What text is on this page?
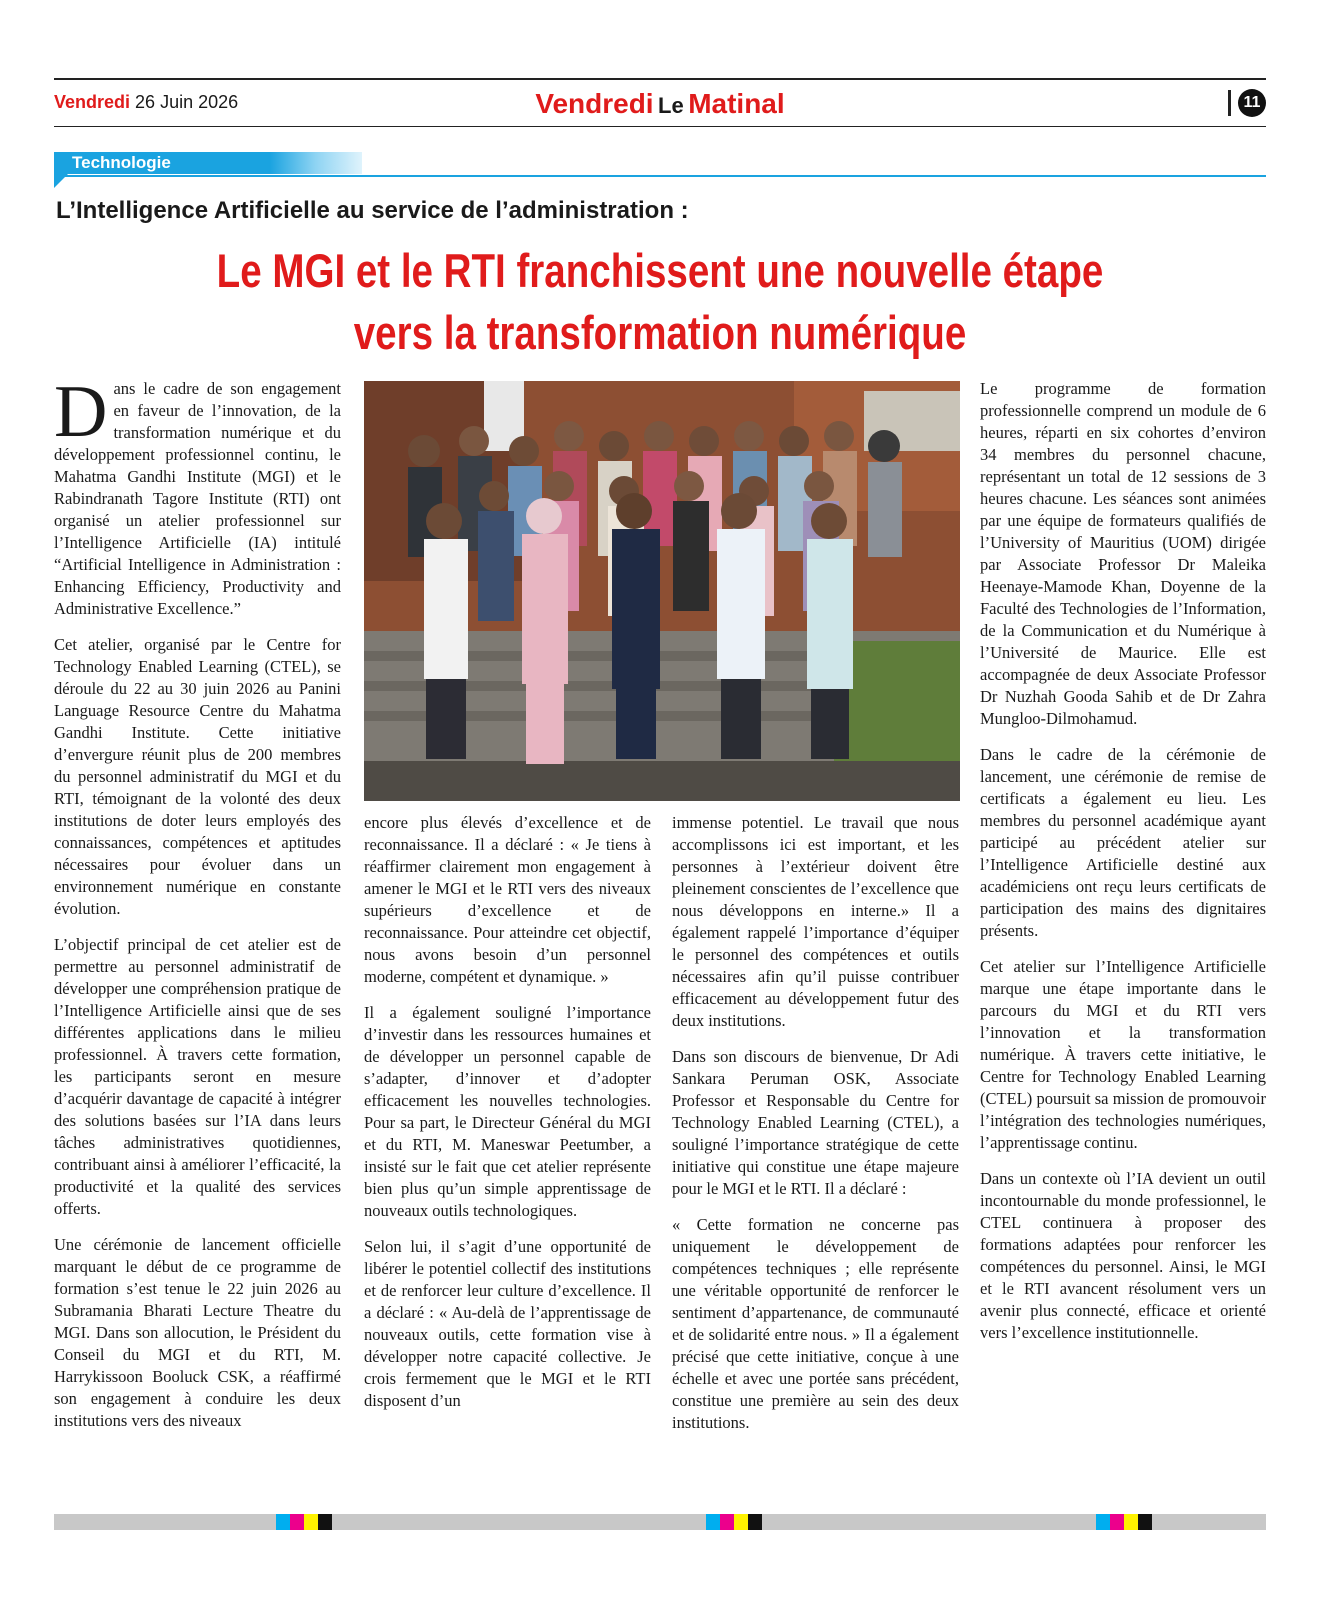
Vendredi 26 Juin 2026	Vendredi Le Matinal	11
Technologie
L’Intelligence Artificielle au service de l’administration :
Le MGI et le RTI franchissent une nouvelle étape
vers la transformation numérique

Dans le cadre de son engagement en faveur de l’innovation, de la transformation numérique et du développement professionnel continu, le Mahatma Gandhi Institute (MGI) et le Rabindranath Tagore Institute (RTI) ont organisé un atelier professionnel sur l’Intelligence Artificielle (IA) intitulé “Artificial Intelligence in Administration : Enhancing Efficiency, Productivity and Administrative Excellence.”

Cet atelier, organisé par le Centre for Technology Enabled Learning (CTEL), se déroule du 22 au 30 juin 2026 au Panini Language Resource Centre du Mahatma Gandhi Institute. Cette initiative d’envergure réunit plus de 200 membres du personnel administratif du MGI et du RTI, témoignant de la volonté des deux institutions de doter leurs employés des connaissances, compétences et aptitudes nécessaires pour évoluer dans un environnement numérique en constante évolution.

L’objectif principal de cet atelier est de permettre au personnel administratif de développer une compréhension pratique de l’Intelligence Artificielle ainsi que de ses différentes applications dans le milieu professionnel. À travers cette formation, les participants seront en mesure d’acquérir davantage de capacité à intégrer des solutions basées sur l’IA dans leurs tâches administratives quotidiennes, contribuant ainsi à améliorer l’efficacité, la productivité et la qualité des services offerts.

Une cérémonie de lancement officielle marquant le début de ce programme de formation s’est tenue le 22 juin 2026 au Subramania Bharati Lecture Theatre du MGI. Dans son allocution, le Président du Conseil du MGI et du RTI, M. Harrykissoon Booluck CSK, a réaffirmé son engagement à conduire les deux institutions vers des niveaux

encore plus élevés d’excellence et de reconnaissance. Il a déclaré : « Je tiens à réaffirmer clairement mon engagement à amener le MGI et le RTI vers des niveaux supérieurs d’excellence et de reconnaissance. Pour atteindre cet objectif, nous avons besoin d’un personnel moderne, compétent et dynamique. »

Il a également souligné l’importance d’investir dans les ressources humaines et de développer un personnel capable de s’adapter, d’innover et d’adopter efficacement les nouvelles technologies. Pour sa part, le Directeur Général du MGI et du RTI, M. Maneswar Peetumber, a insisté sur le fait que cet atelier représente bien plus qu’un simple apprentissage de nouveaux outils technologiques.

Selon lui, il s’agit d’une opportunité de libérer le potentiel collectif des institutions et de renforcer leur culture d’excellence. Il a déclaré : « Au-delà de l’apprentissage de nouveaux outils, cette formation vise à développer notre capacité collective. Je crois fermement que le MGI et le RTI disposent d’un

immense potentiel. Le travail que nous accomplissons ici est important, et les personnes à l’extérieur doivent être pleinement conscientes de l’excellence que nous développons en interne.» Il a également rappelé l’importance d’équiper le personnel des compétences et outils nécessaires afin qu’il puisse contribuer efficacement au développement futur des deux institutions.

Dans son discours de bienvenue, Dr Adi Sankara Peruman OSK, Associate Professor et Responsable du Centre for Technology Enabled Learning (CTEL), a souligné l’importance stratégique de cette initiative qui constitue une étape majeure pour le MGI et le RTI. Il a déclaré :

« Cette formation ne concerne pas uniquement le développement de compétences techniques ; elle représente une véritable opportunité de renforcer le sentiment d’appartenance, de communauté et de solidarité entre nous. » Il a également précisé que cette initiative, conçue à une échelle et avec une portée sans précédent, constitue une première au sein des deux institutions.

Le programme de formation professionnelle comprend un module de 6 heures, réparti en six cohortes d’environ 34 membres du personnel chacune, représentant un total de 12 sessions de 3 heures chacune. Les séances sont animées par une équipe de formateurs qualifiés de l’University of Mauritius (UOM) dirigée par Associate Professor Dr Maleika Heenaye-Mamode Khan, Doyenne de la Faculté des Technologies de l’Information, de la Communication et du Numérique à l’Université de Maurice. Elle est accompagnée de deux Associate Professor Dr Nuzhah Gooda Sahib et de Dr Zahra Mungloo-Dilmohamud.

Dans le cadre de la cérémonie de lancement, une cérémonie de remise de certificats a également eu lieu. Les membres du personnel académique ayant participé au précédent atelier sur l’Intelligence Artificielle destiné aux académiciens ont reçu leurs certificats de participation des mains des dignitaires présents.

Cet atelier sur l’Intelligence Artificielle marque une étape importante dans le parcours du MGI et du RTI vers l’innovation et la transformation numérique. À travers cette initiative, le Centre for Technology Enabled Learning (CTEL) poursuit sa mission de promouvoir l’intégration des technologies numériques, l’apprentissage continu.

Dans un contexte où l’IA devient un outil incontournable du monde professionnel, le CTEL continuera à proposer des formations adaptées pour renforcer les compétences du personnel. Ainsi, le MGI et le RTI avancent résolument vers un avenir plus connecté, efficace et orienté vers l’excellence institutionnelle.
